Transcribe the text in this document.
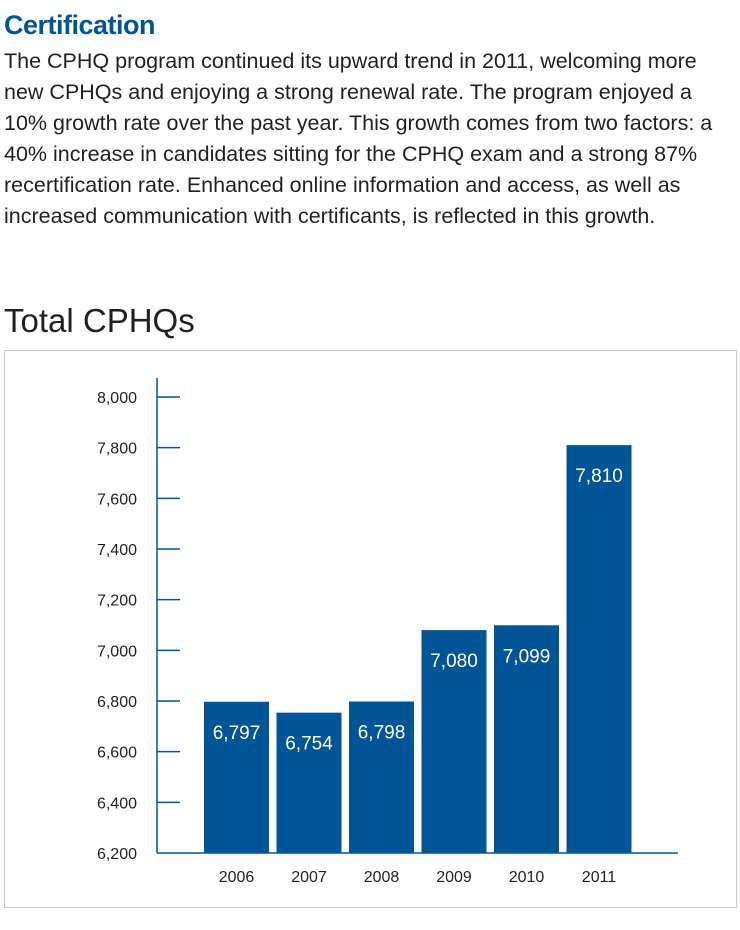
Certification

The CPHQ program continued its upward trend in 2011, welcoming more new CPHQs and enjoying a strong renewal rate. The program enjoyed a 10% growth rate over the past year. This growth comes from two factors: a 40% increase in candidates sitting for the CPHQ exam and a strong 87% recertification rate. Enhanced online information and access, as well as increased communication with certificants, is reflected in this growth.

Total CPHQs
6,200
6,400
6,600
6,800
7,000
7,200
7,400
7,600
7,800
8,000
6,797
2006
6,754
2007
6,798
2008
7,080
2009
7,099
2010
7,810
2011
